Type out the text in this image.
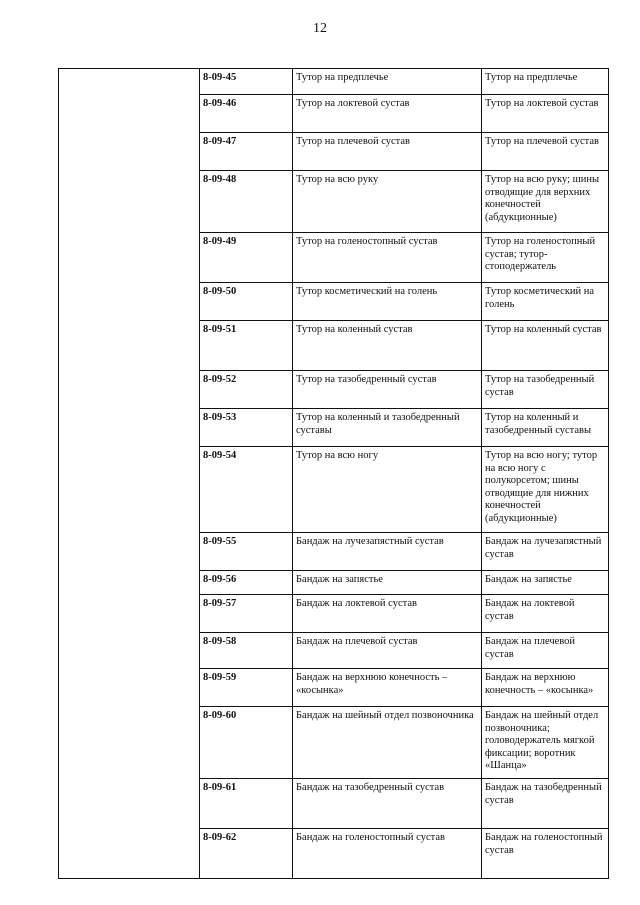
12
	8-09-45	Тутор на предплечье	Тутор на предплечье
	8-09-46	Тутор на локтевой сустав	Тутор на локтевой сустав
	8-09-47	Тутор на плечевой сустав	Тутор на плечевой сустав
	8-09-48	Тутор на всю руку	Тутор на всю руку; шины отводящие для верхних конечностей (абдукционные)
	8-09-49	Тутор на голеностопный сустав	Тутор на голеностопный сустав; тутор-стоподержатель
	8-09-50	Тутор косметический на голень	Тутор косметический на голень
	8-09-51	Тутор на коленный сустав	Тутор на коленный сустав
	8-09-52	Тутор на тазобедренный сустав	Тутор на тазобедренный сустав
	8-09-53	Тутор на коленный и тазобедренный суставы	Тутор на коленный и тазобедренный суставы
	8-09-54	Тутор на всю ногу	Тутор на всю ногу; тутор на всю ногу с полукорсетом; шины отводящие для нижних конечностей (абдукционные)
	8-09-55	Бандаж на лучезапястный сустав	Бандаж на лучезапястный сустав
	8-09-56	Бандаж на запястье	Бандаж на запястье
	8-09-57	Бандаж на локтевой сустав	Бандаж на локтевой сустав
	8-09-58	Бандаж на плечевой сустав	Бандаж на плечевой сустав
	8-09-59	Бандаж на верхнюю конечность – «косынка»	Бандаж на верхнюю конечность – «косынка»
	8-09-60	Бандаж на шейный отдел позвоночника	Бандаж на шейный отдел позвоночника; головодержатель мягкой фиксации; воротник «Шанца»
	8-09-61	Бандаж на тазобедренный сустав	Бандаж на тазобедренный сустав
	8-09-62	Бандаж на голеностопный сустав	Бандаж на голеностопный сустав
